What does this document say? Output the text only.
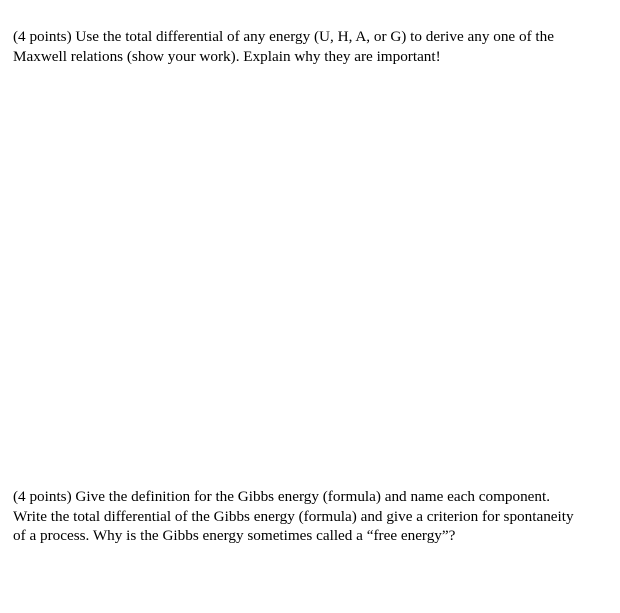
(4 points) Use the total differential of any energy (U, H, A, or G) to derive any one of the

Maxwell relations (show your work). Explain why they are important!

(4 points) Give the definition for the Gibbs energy (formula) and name each component.

Write the total differential of the Gibbs energy (formula) and give a criterion for spontaneity

of a process. Why is the Gibbs energy sometimes called a “free energy”?
